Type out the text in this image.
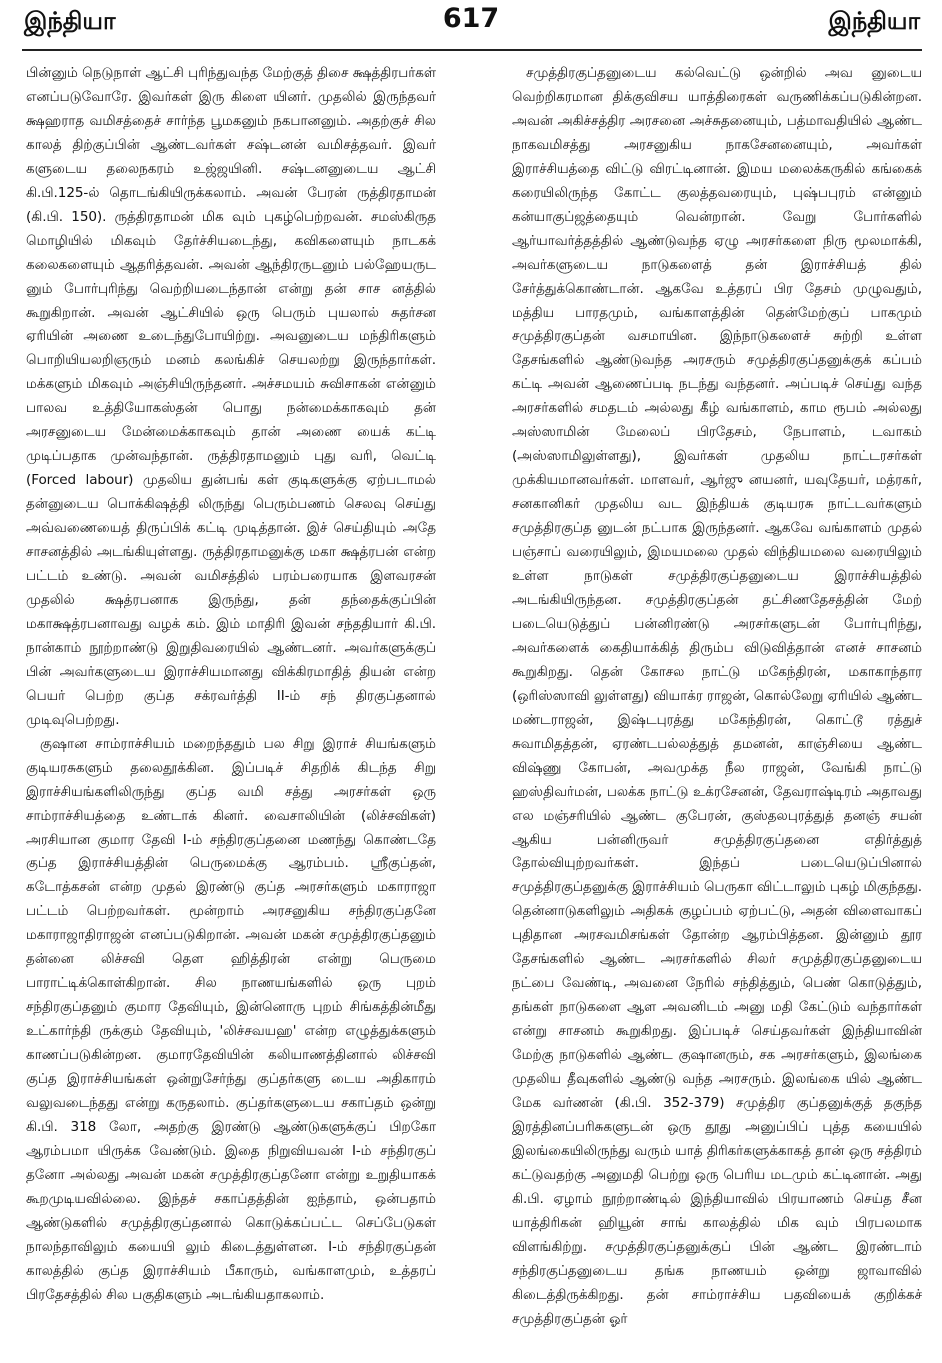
இந்தியா	617	இந்தியா

பின்னும் நெடுநாள் ஆட்சி புரிந்துவந்த மேற்குத் திசை க்ஷத்திரபர்கள் எனப்படுவோரே. இவர்கள் இரு கிளை யினர். முதலில் இருந்தவர் க்ஷஹராத வமிசத்தைச் சார்ந்த பூமகனும் நகபானனும். அதற்குச் சில காலத் திற்குப்பின் ஆண்டவர்கள் சஷ்டனன் வமிசத்தவர். இவர் களுடைய தலைநகரம் உஜ்ஜயினி. சஷ்டனனுடைய ஆட்சி கி.பி.125-ல் தொடங்கியிருக்கலாம். அவன் பேரன் ருத்திரதாமன் (கி.பி. 150). ருத்திரதாமன் மிக வும் புகழ்பெற்றவன். சமஸ்கிருத மொழியில் மிகவும் தேர்ச்சியடைந்து, கவிகளையும் நாடகக் கலைகளையும் ஆதரித்தவன். அவன் ஆந்திரருடனும் பல்ஹேயருட னும் போர்புரிந்து வெற்றியடைந்தான் என்று தன் சாச னத்தில் கூறுகிறான். அவன் ஆட்சியில் ஒரு பெரும் புயலால் சுதர்சன ஏரியின் அணை உடைந்துபோயிற்று. அவனுடைய மந்திரிகளும் பொறியியலறிஞரும் மனம் கலங்கிச் செயலற்று இருந்தார்கள். மக்களும் மிகவும் அஞ்சியிருந்தனர். அச்சமயம் சுவிசாகன் என்னும் பாலவ உத்தியோகஸ்தன் பொது நன்மைக்காகவும் தன் அரசனுடைய மேன்மைக்காகவும் தான் அணை யைக் கட்டி முடிப்பதாக முன்வந்தான். ருத்திரதாமனும் புது வரி, வெட்டி (Forced labour) முதலிய துன்பங் கள் குடிகளுக்கு ஏற்படாமல் தன்னுடைய பொக்கிஷத்தி லிருந்து பெரும்பணம் செலவு செய்து அவ்வணையைத் திருப்பிக் கட்டி முடித்தான். இச் செய்தியும் அதே சாசனத்தில் அடங்கியுள்ளது. ருத்திரதாமனுக்கு மகா க்ஷத்ரபன் என்ற பட்டம் உண்டு. அவன் வமிசத்தில் பரம்பரையாக இளவரசன் முதலில் க்ஷத்ரபனாக இருந்து, தன் தந்தைக்குப்பின் மகாக்ஷத்ரபனாவது வழக் கம். இம் மாதிரி இவன் சந்ததியார் கி.பி. நான்காம் நூற்றாண்டு இறுதிவரையில் ஆண்டனர். அவர்களுக்குப் பின் அவர்களுடைய இராச்சியமானது விக்கிரமாதித் தியன் என்ற பெயர் பெற்ற குப்த சக்ரவர்த்தி II-ம் சந் திரகுப்தனால் முடிவுபெற்றது.

குஷான சாம்ராச்சியம் மறைந்ததும் பல சிறு இராச் சியங்களும் குடியரசுகளும் தலைதூக்கின. இப்படிச் சிதறிக் கிடந்த சிறு இராச்சியங்களிலிருந்து குப்த வமி சத்து அரசர்கள் ஒரு சாம்ராச்சியத்தை உண்டாக் கினர். வைசாலியின் (லிச்சவிகள்) அரசியான குமார தேவி I-ம் சந்திரகுப்தனை மணந்து கொண்டதே குப்த இராச்சியத்தின் பெருமைக்கு ஆரம்பம். ஸ்ரீகுப்தன், கடோத்கசன் என்ற முதல் இரண்டு குப்த அரசர்களும் மகாராஜா பட்டம் பெற்றவர்கள். மூன்றாம் அரசனுகிய சந்திரகுப்தனே மகாராஜாதிராஜன் எனப்படுகிறான். அவன் மகன் சமுத்திரகுப்தனும் தன்னை லிச்சவி தௌ ஹித்திரன் என்று பெருமை பாராட்டிக்கொள்கிறான். சில நாணயங்களில் ஒரு புறம் சந்திரகுப்தனும் குமார தேவியும், இன்னொரு புறம் சிங்கத்தின்மீது உட்கார்ந்தி ருக்கும் தேவியும், 'லிச்சவயஹ' என்ற எழுத்துக்களும் காணப்படுகின்றன. குமாரதேவியின் கலியாணத்தினால் லிச்சவி குப்த இராச்சியங்கள் ஒன்றுசேர்ந்து குப்தர்களு டைய அதிகாரம் வலுவடைந்தது என்று கருதலாம். குப்தர்களுடைய சகாப்தம் ஒன்று கி.பி. 318 லோ, அதற்கு இரண்டு ஆண்டுகளுக்குப் பிறகோ ஆரம்பமா யிருக்க வேண்டும். இதை நிறுவியவன் I-ம் சந்திரகுப் தனோ அல்லது அவன் மகன் சமுத்திரகுப்தனோ என்று உறுதியாகக் கூறமுடியவில்லை. இந்தச் சகாப்தத்தின் ஐந்தாம், ஒன்பதாம் ஆண்டுகளில் சமுத்திரகுப்தனால் கொடுக்கப்பட்ட செப்பேடுகள் நாலந்தாவிலும் கயையி லும் கிடைத்துள்ளன. I-ம் சந்திரகுப்தன் காலத்தில் குப்த இராச்சியம் பீகாரும், வங்காளமும், உத்தரப் பிரதேசத்தில் சில பகுதிகளும் அடங்கியதாகலாம்.

சமுத்திரகுப்தனுடைய கல்வெட்டு ஒன்றில் அவ னுடைய வெற்றிகரமான திக்குவிசய யாத்திரைகள் வருணிக்கப்படுகின்றன. அவன் அகிச்சத்திர அரசனை அச்சுதனையும், பத்மாவதியில் ஆண்ட நாகவமிசத்து அரசனுகிய நாகசேனனையும், அவர்கள் இராச்சியத்தை விட்டு விரட்டினான். இமய மலைக்கருகில் கங்கைக் கரையிலிருந்த கோட்ட குலத்தவரையும், புஷ்பபுரம் என்னும் கன்யாகுப்ஜத்தையும் வென்றான். வேறு போர்களில் ஆர்யாவர்த்தத்தில் ஆண்டுவந்த ஏழு அரசர்களை நிரு மூலமாக்கி, அவர்களுடைய நாடுகளைத் தன் இராச்சியத் தில் சேர்த்துக்கொண்டான். ஆகவே உத்தரப் பிர தேசம் முழுவதும், மத்திய பாரதமும், வங்காளத்தின் தென்மேற்குப் பாகமும் சமுத்திரகுப்தன் வசமாயின. இந்நாடுகளைச் சுற்றி உள்ள தேசங்களில் ஆண்டுவந்த அரசரும் சமுத்திரகுப்தனுக்குக் கப்பம் கட்டி அவன் ஆணைப்படி நடந்து வந்தனர். அப்படிச் செய்து வந்த அரசர்களில் சமதடம் அல்லது கீழ் வங்காளம், காம ரூபம் அல்லது அஸ்ஸாமின் மேலைப் பிரதேசம், நேபாளம், டவாகம் (அஸ்ஸாமிலுள்ளது), இவர்கள் முதலிய நாட்டரசர்கள் முக்கியமானவர்கள். மாளவர், ஆர்ஜு னயனர், யவுதேயர், மத்ரகர், சனகானிகர் முதலிய வட இந்தியக் குடியரசு நாட்டவர்களும் சமுத்திரகுப்த னுடன் நட்பாக இருந்தனர். ஆகவே வங்காளம் முதல் பஞ்சாப் வரையிலும், இமயமலை முதல் விந்தியமலை வரையிலும் உள்ள நாடுகள் சமுத்திரகுப்தனுடைய இராச்சியத்தில் அடங்கியிருந்தன. சமுத்திரகுப்தன் தட்சிணதேசத்தின் மேற் படையெடுத்துப் பன்னிரண்டு அரசர்களுடன் போர்புரிந்து, அவர்களைக் கைதியாக்கித் திரும்ப விடுவித்தான் எனச் சாசனம் கூறுகிறது. தென் கோசல நாட்டு மகேந்திரன், மகாகாந்தார (ஒரிஸ்ஸாவி லுள்ளது) வியாக்ர ராஜன், கொல்லேறு ஏரியில் ஆண்ட மண்டராஜன், இஷ்டபுரத்து மகேந்திரன், கொட்டூ ரத்துச் சுவாமிதத்தன், ஏரண்டபல்லத்துத் தமனன், காஞ்சியை ஆண்ட விஷ்ணு கோபன், அவமுக்த நீல ராஜன், வேங்கி நாட்டு ஹஸ்திவர்மன், பலக்க நாட்டு உக்ரசேனன், தேவராஷ்டிரம் அதாவது எல மஞ்சரியில் ஆண்ட குபேரன், குஸ்தலபுரத்துத் தனஞ் சயன் ஆகிய பன்னிருவர் சமுத்திரகுப்தனை எதிர்த்துத் தோல்வியுற்றவர்கள். இந்தப் படையெடுப்பினால் சமுத்திரகுப்தனுக்கு இராச்சியம் பெருகா விட்டாலும் புகழ் மிகுந்தது. தென்னாடுகளிலும் அதிகக் குழப்பம் ஏற்பட்டு, அதன் விளைவாகப் புதிதான அரசவமிசங்கள் தோன்ற ஆரம்பித்தன. இன்னும் தூர தேசங்களில் ஆண்ட அரசர்களில் சிலர் சமுத்திரகுப்தனுடைய நட்பை வேண்டி, அவனை நேரில் சந்தித்தும், பெண் கொடுத்தும், தங்கள் நாடுகளை ஆள அவனிடம் அனு மதி கேட்டும் வந்தார்கள் என்று சாசனம் கூறுகிறது. இப்படிச் செய்தவர்கள் இந்தியாவின் மேற்கு நாடுகளில் ஆண்ட குஷானரும், சக அரசர்களும், இலங்கை முதலிய தீவுகளில் ஆண்டு வந்த அரசரும். இலங்கை யில் ஆண்ட மேக வர்ணன் (கி.பி. 352-379) சமுத்திர குப்தனுக்குத் தகுந்த இரத்தினப்பரிசுகளுடன் ஒரு தூது அனுப்பிப் புத்த கயையில் இலங்கையிலிருந்து வரும் யாத் திரிகர்களுக்காகத் தான் ஒரு சத்திரம் கட்டுவதற்கு அனுமதி பெற்று ஒரு பெரிய மடமும் கட்டினான். அது கி.பி. ஏழாம் நூற்றாண்டில் இந்தியாவில் பிரயாணம் செய்த சீன யாத்திரிகன் ஹியூன் சாங் காலத்தில் மிக வும் பிரபலமாக விளங்கிற்று. சமுத்திரகுப்தனுக்குப் பின் ஆண்ட இரண்டாம் சந்திரகுப்தனுடைய தங்க நாணயம் ஒன்று ஜாவாவில் கிடைத்திருக்கிறது. தன் சாம்ராச்சிய பதவியைக் குறிக்கச் சமுத்திரகுப்தன் ஓர்
